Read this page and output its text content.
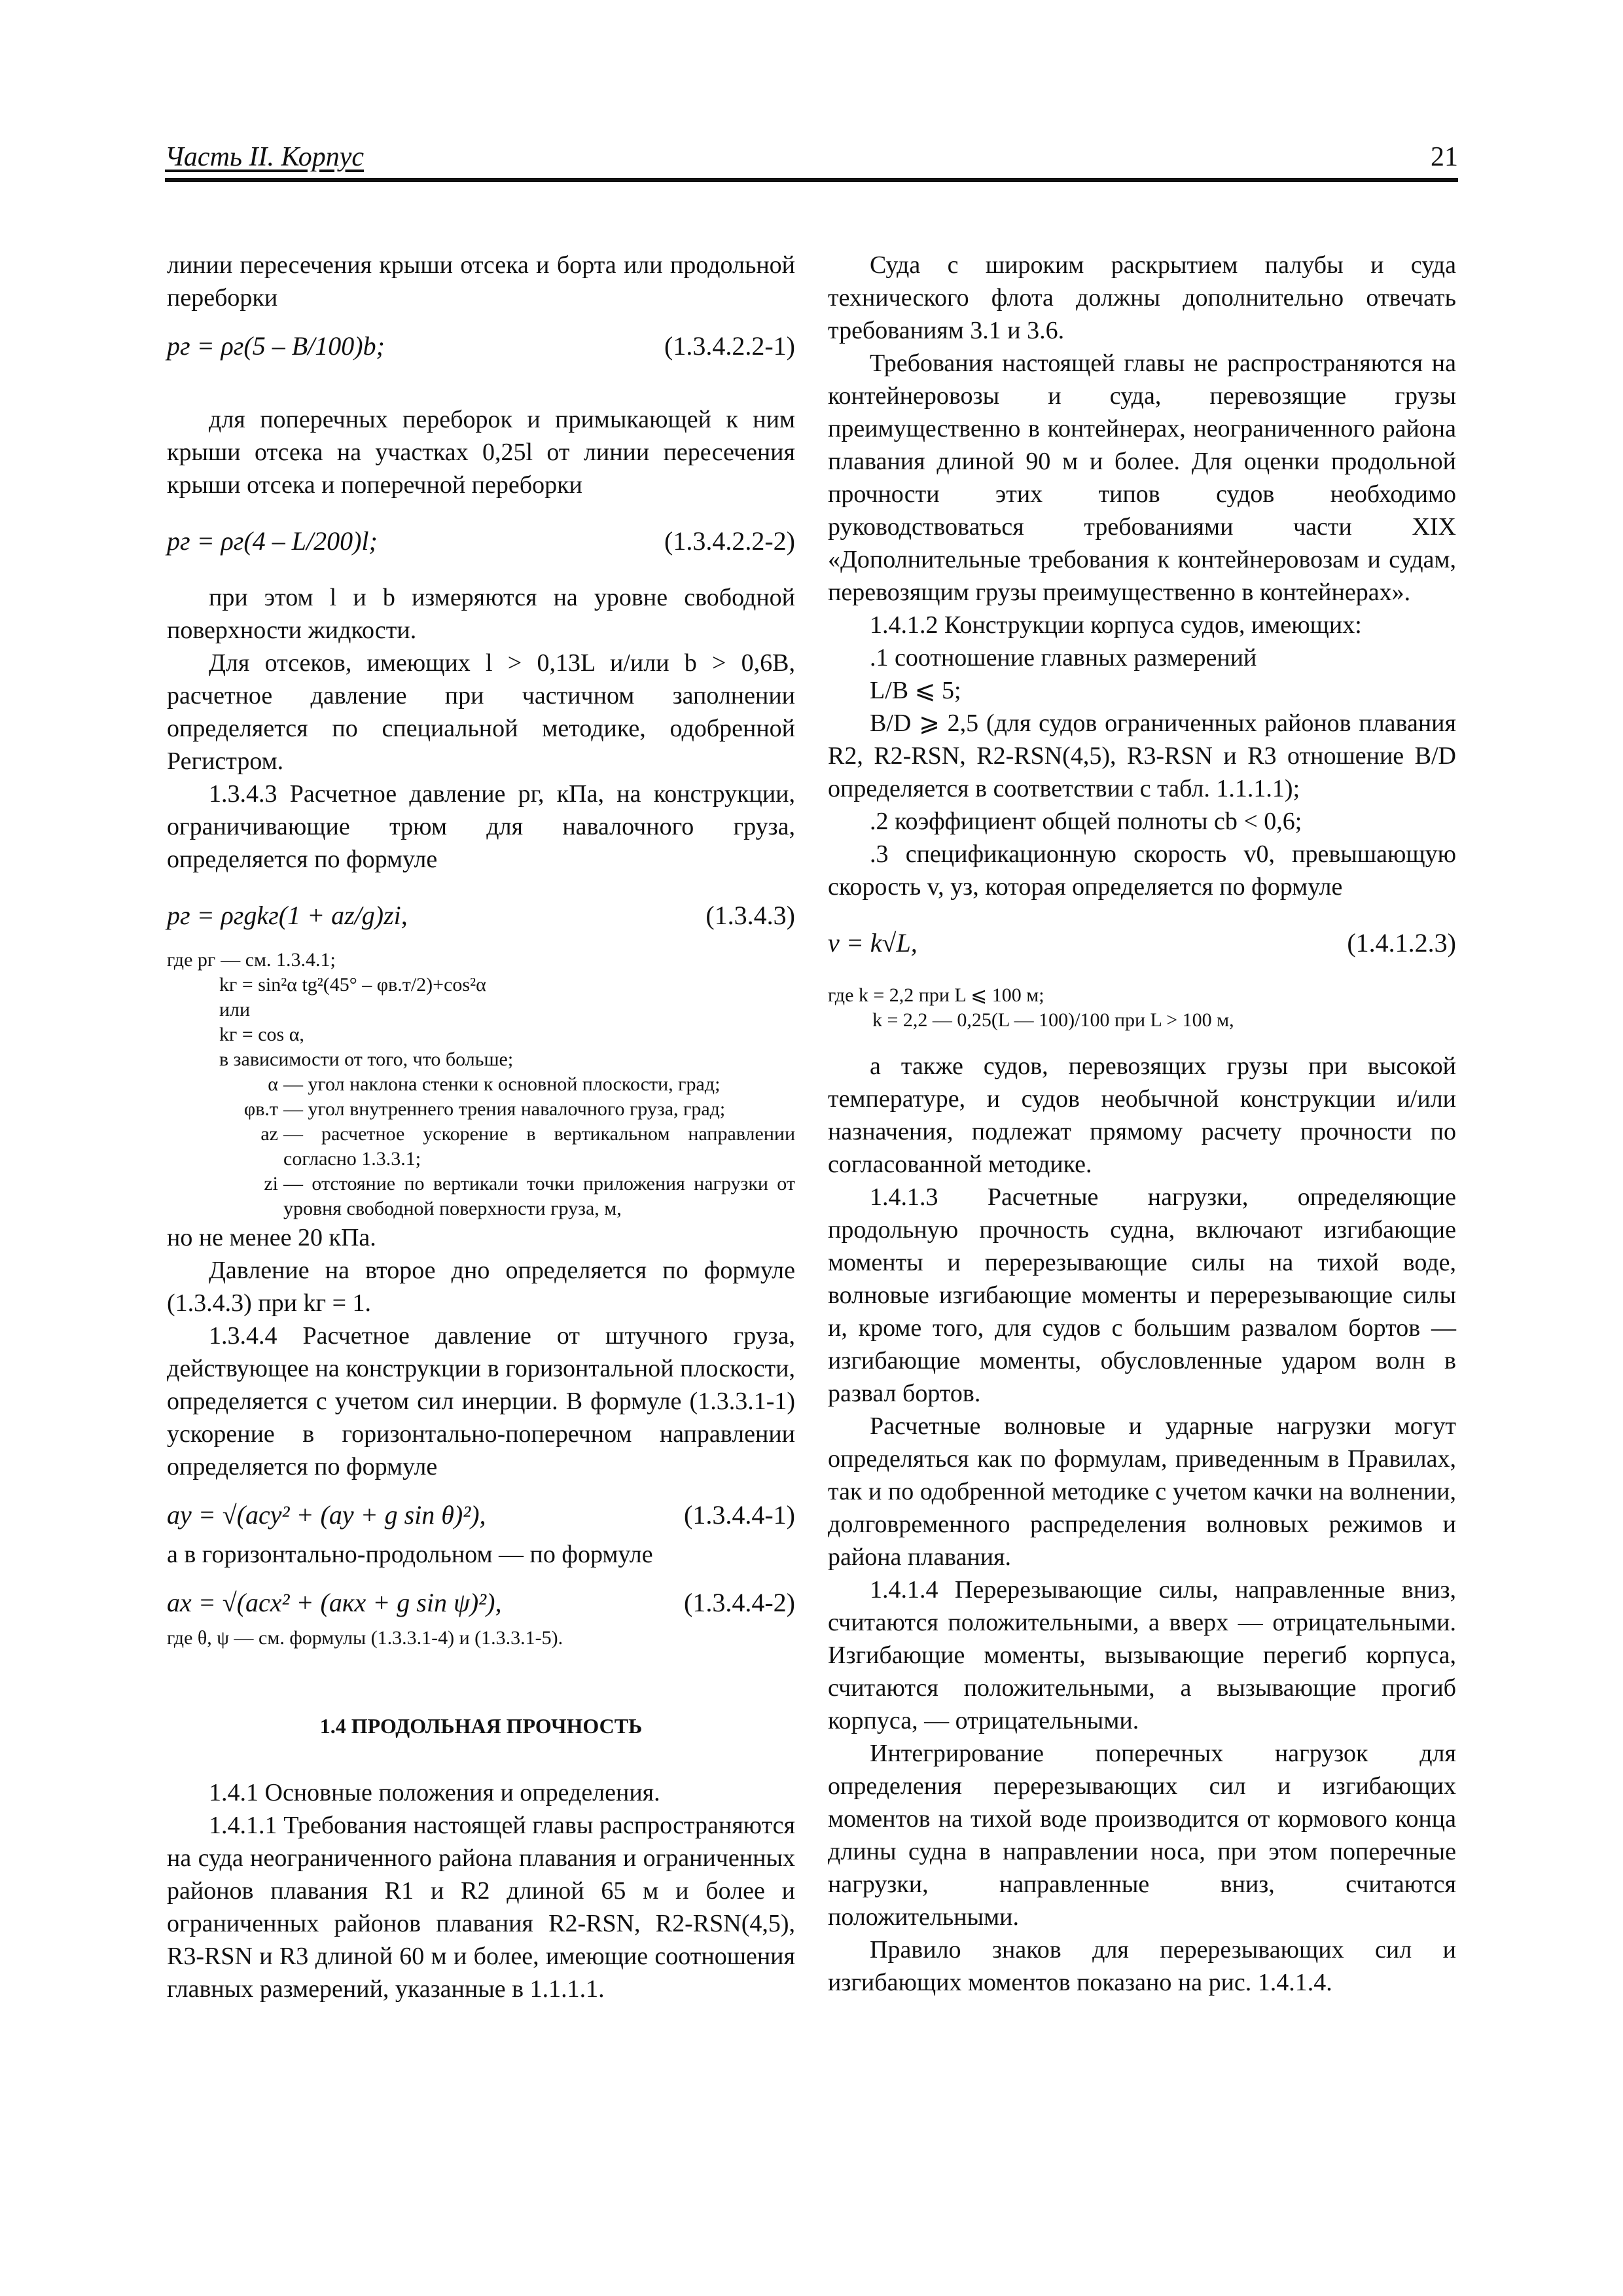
Часть II. Корпус	21

линии пересечения крыши отсека и борта или продольной переборки

pг = ρг(5 – B/100)b;	(1.3.4.2.2-1)

для поперечных переборок и примыкающей к ним крыши отсека на участках 0,25l от линии пересечения крыши отсека и поперечной переборки

pг = ρг(4 – L/200)l;	(1.3.4.2.2-2)

при этом l и b измеряются на уровне свободной поверхности жидкости.

Для отсеков, имеющих l > 0,13L и/или b > 0,6B, расчетное давление при частичном заполнении определяется по специальной методике, одобренной Регистром.

1.3.4.3 Расчетное давление pг, кПа, на конструкции, ограничивающие трюм для навалочного груза, определяется по формуле

pг = ρгgkг(1 + az/g)zi,	(1.3.4.3)
где pг — см. 1.3.4.1;
kг = sin²α tg²(45° – φв.т/2)+cos²α
или
kг = cos α,
в зависимости от того, что больше;
α — угол наклона стенки к основной плоскости, град;
φв.т — угол внутреннего трения навалочного груза, град;
az — расчетное ускорение в вертикальном направлении согласно 1.3.3.1;
zi — отстояние по вертикали точки приложения нагрузки от уровня свободной поверхности груза, м,

но не менее 20 кПа.

Давление на второе дно определяется по формуле (1.3.4.3) при kг = 1.

1.3.4.4 Расчетное давление от штучного груза, действующее на конструкции в горизонтальной плоскости, определяется с учетом сил инерции. В формуле (1.3.3.1-1) ускорение в горизонтально-поперечном направлении определяется по формуле

ay = √(acy² + (ay + g sin θ)²),	(1.3.4.4-1)

а в горизонтально-продольном — по формуле

ax = √(acx² + (aкx + g sin ψ)²),	(1.3.4.4-2)
где θ, ψ — см. формулы (1.3.3.1-4) и (1.3.3.1-5).
1.4 ПРОДОЛЬНАЯ ПРОЧНОСТЬ

1.4.1 Основные положения и определения.

1.4.1.1 Требования настоящей главы распространяются на суда неограниченного района плавания и ограниченных районов плавания R1 и R2 длиной 65 м и более и ограниченных районов плавания R2-RSN, R2-RSN(4,5), R3-RSN и R3 длиной 60 м и более, имеющие соотношения главных размерений, указанные в 1.1.1.1.

Суда с широким раскрытием палубы и суда технического флота должны дополнительно отвечать требованиям 3.1 и 3.6.

Требования настоящей главы не распространяются на контейнеровозы и суда, перевозящие грузы преимущественно в контейнерах, неограниченного района плавания длиной 90 м и более. Для оценки продольной прочности этих типов судов необходимо руководствоваться требованиями части XIX «Дополнительные требования к контейнеровозам и судам, перевозящим грузы преимущественно в контейнерах».

1.4.1.2 Конструкции корпуса судов, имеющих:

.1 соотношение главных размерений

L/B ⩽ 5;

B/D ⩾ 2,5 (для судов ограниченных районов плавания R2, R2-RSN, R2-RSN(4,5), R3-RSN и R3 отношение B/D определяется в соответствии с табл. 1.1.1.1);

.2 коэффициент общей полноты cb < 0,6;

.3 спецификационную скорость v0, превышающую скорость v, уз, которая определяется по формуле

v = k√L,	(1.4.1.2.3)
где k = 2,2 при L ⩽ 100 м;
k = 2,2 — 0,25(L — 100)/100 при L > 100 м,

а также судов, перевозящих грузы при высокой температуре, и судов необычной конструкции и/или назначения, подлежат прямому расчету прочности по согласованной методике.

1.4.1.3 Расчетные нагрузки, определяющие продольную прочность судна, включают изгибающие моменты и перерезывающие силы на тихой воде, волновые изгибающие моменты и перерезывающие силы и, кроме того, для судов с большим развалом бортов — изгибающие моменты, обусловленные ударом волн в развал бортов.

Расчетные волновые и ударные нагрузки могут определяться как по формулам, приведенным в Правилах, так и по одобренной методике с учетом качки на волнении, долговременного распределения волновых режимов и района плавания.

1.4.1.4 Перерезывающие силы, направленные вниз, считаются положительными, а вверх — отрицательными. Изгибающие моменты, вызывающие перегиб корпуса, считаются положительными, а вызывающие прогиб корпуса, — отрицательными.

Интегрирование поперечных нагрузок для определения перерезывающих сил и изгибающих моментов на тихой воде производится от кормового конца длины судна в направлении носа, при этом поперечные нагрузки, направленные вниз, считаются положительными.

Правило знаков для перерезывающих сил и изгибающих моментов показано на рис. 1.4.1.4.
